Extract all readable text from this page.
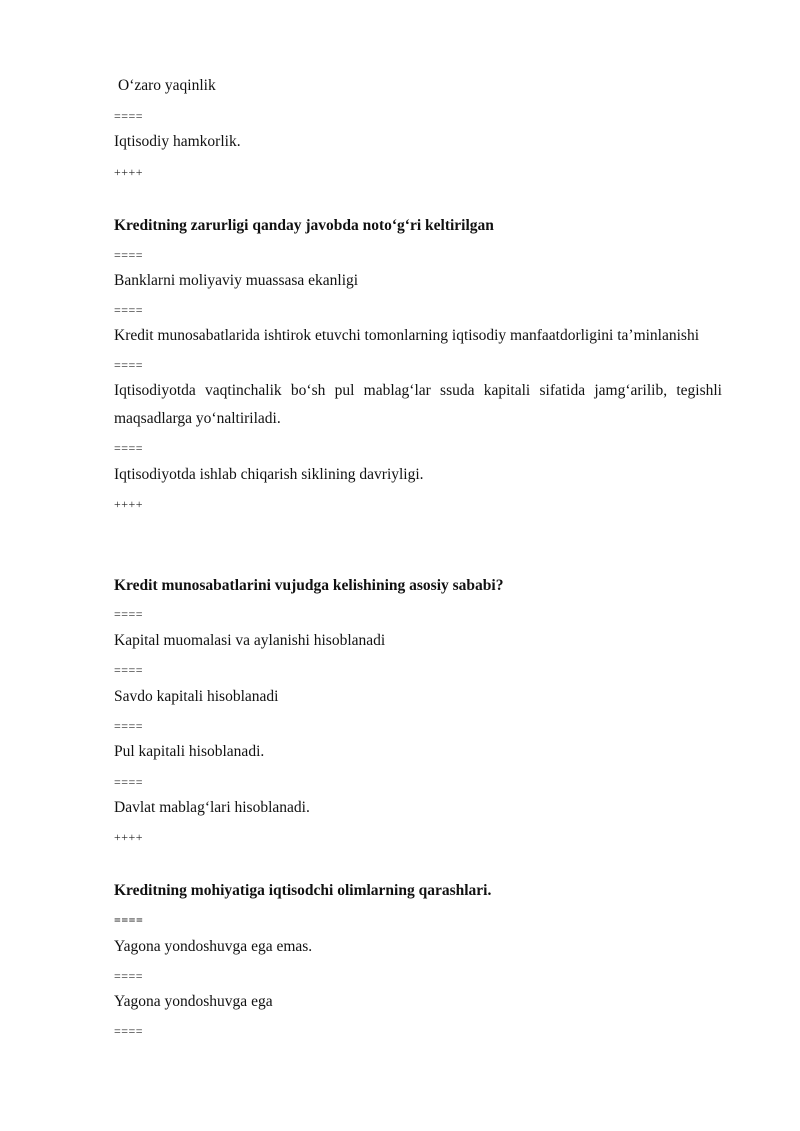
O‘zaro yaqinlik
====
Iqtisodiy hamkorlik.
++++
Kreditning zarurligi qanday javobda noto‘g‘ri keltirilgan
====
Banklarni moliyaviy muassasa ekanligi
====
Kredit munosabatlarida ishtirok etuvchi tomonlarning iqtisodiy manfaatdorligini ta’minlanishi
====
Iqtisodiyotda vaqtinchalik bo‘sh pul mablag‘lar ssuda kapitali sifatida jamg‘arilib, tegishli
maqsadlarga yo‘naltiriladi.
====
Iqtisodiyotda ishlab chiqarish siklining davriyligi.
++++
Kredit munosabatlarini vujudga kelishining asosiy sababi?
====
Kapital muomalasi va aylanishi hisoblanadi
====
Savdo kapitali hisoblanadi
====
Pul kapitali hisoblanadi.
====
Davlat mablag‘lari hisoblanadi.
++++
Kreditning mohiyatiga iqtisodchi olimlarning qarashlari.
====
Yagona yondoshuvga ega emas.
====
Yagona yondoshuvga ega
====
